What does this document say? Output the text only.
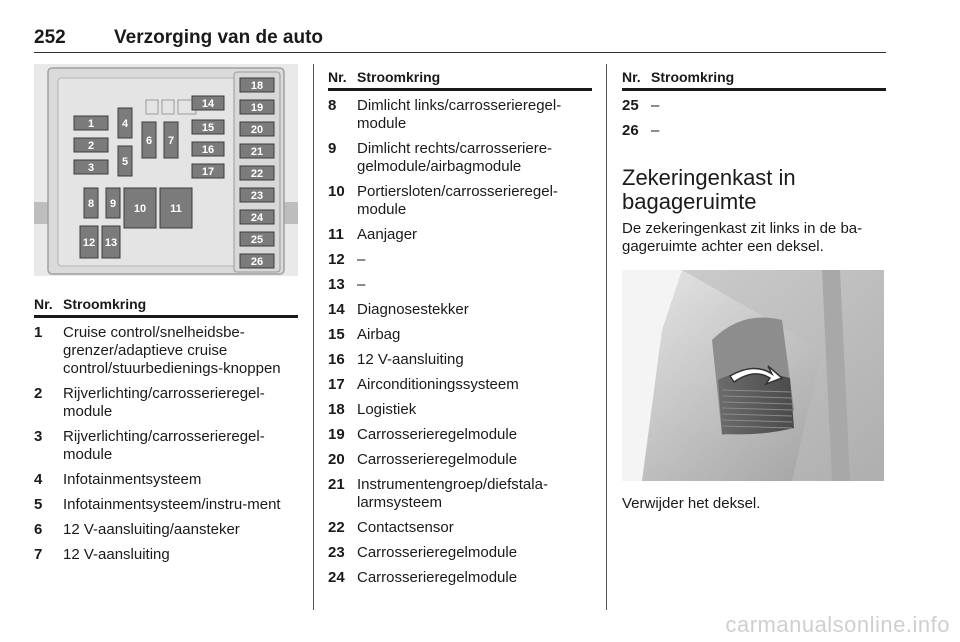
252	Verzorging van de auto
1
2
3
4
5
6 7
8 9 10 11
12 13
14
15
16
17
18
19
20
21
22
23
24
25
26
Nr. Stroomkring
1	Cruise control/snelheidsbe-grenzer/adaptieve cruise control/stuurbedienings-knoppen
2	Rijverlichting/carrosserieregel-module
3	Rijverlichting/carrosserieregel-module
4	Infotainmentsysteem
5	Infotainmentsysteem/instru-ment
6	12 V-aansluiting/aansteker
7	12 V-aansluiting
Nr. Stroomkring
8	Dimlicht links/carrosserieregel-module
9	Dimlicht rechts/carrosseriere-gelmodule/airbagmodule
10 Portiersloten/carrosserieregel-module
11 Aanjager
12 –
13 –
14 Diagnosestekker
15 Airbag
16 12 V-aansluiting
17 Airconditioningssysteem
18 Logistiek
19 Carrosserieregelmodule
20 Carrosserieregelmodule
21 Instrumentengroep/diefstala-larmsysteem
22 Contactsensor
23 Carrosserieregelmodule
24 Carrosserieregelmodule
Nr. Stroomkring
25 –
26 –
Zekeringenkast in bagageruimte

De zekeringenkast zit links in de ba-gageruimte achter een deksel.

Verwijder het deksel.

carmanualsonline.info
